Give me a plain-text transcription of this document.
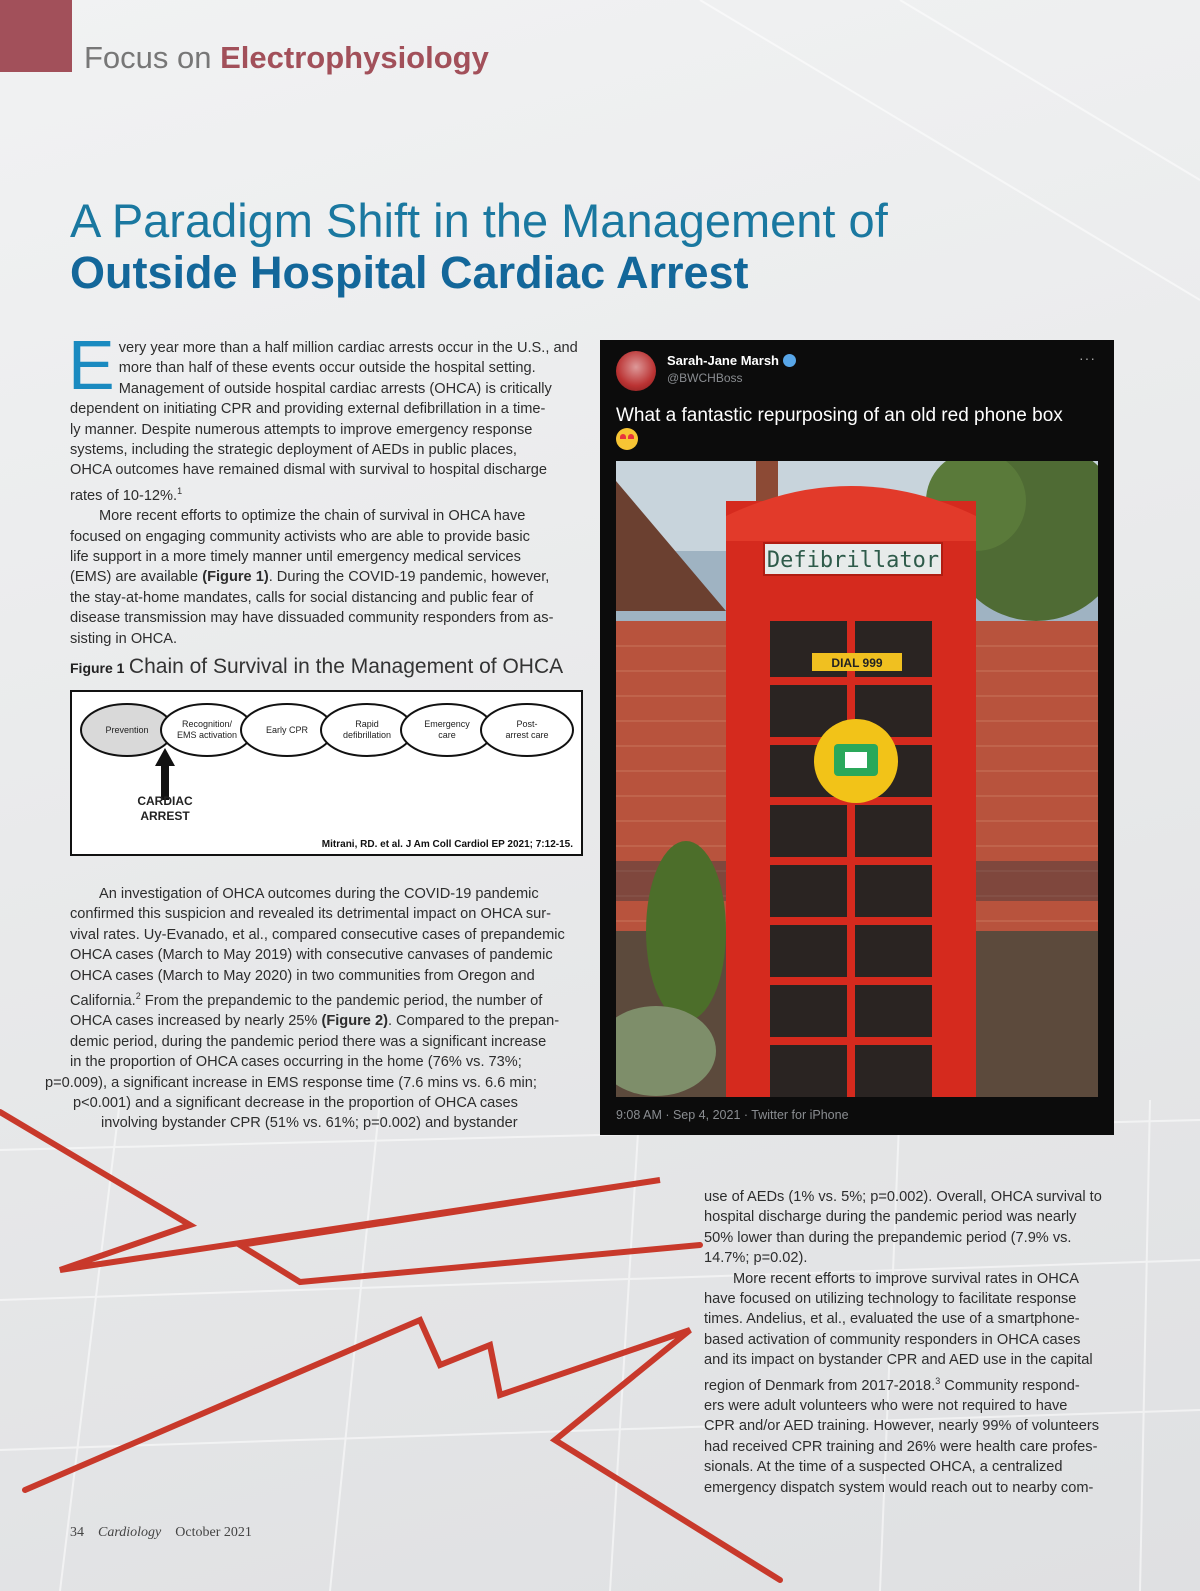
Focus on Electrophysiology
A Paradigm Shift in the Management of
Outside Hospital Cardiac Arrest

E very year more than a half million cardiac arrests occur in the U.S., and
more than half of these events occur outside the hospital setting.
Management of outside hospital cardiac arrests (OHCA) is critically
dependent on initiating CPR and providing external defibrillation in a time-
ly manner. Despite numerous attempts to improve emergency response
systems, including the strategic deployment of AEDs in public places,
OHCA outcomes have remained dismal with survival to hospital discharge
rates of 10-12%.$^1$

More recent efforts to optimize the chain of survival in OHCA have
focused on engaging community activists who are able to provide basic
life support in a more timely manner until emergency medical services
(EMS) are available (Figure 1). During the COVID-19 pandemic, however,
the stay-at-home mandates, calls for social distancing and public fear of
disease transmission may have dissuaded community responders from as-
sisting in OHCA.

Figure 1 Chain of Survival in the Management of OHCA
Prevention
Recognition/
EMS activation	Early CPR
Rapid
defibrillation
Emergency
care
Post-
arrest care
CARDIAC
ARREST
Mitrani, RD. et al. J Am Coll Cardiol EP 2021; 7:12-15.

An investigation of OHCA outcomes during the COVID-19 pandemic
confirmed this suspicion and revealed its detrimental impact on OHCA sur-
vival rates. Uy-Evanado, et al., compared consecutive cases of prepandemic
OHCA cases (March to May 2019) with consecutive canvases of pandemic
OHCA cases (March to May 2020) in two communities from Oregon and
California.$^2$ From the prepandemic to the pandemic period, the number of
OHCA cases increased by nearly 25% (Figure 2). Compared to the prepan-
demic period, during the pandemic period there was a significant increase
in the proportion of OHCA cases occurring in the home (76% vs. 73%;
p=0.009), a significant increase in EMS response time (7.6 mins vs. 6.6 min;
p<0.001) and a significant decrease in the proportion of OHCA cases
involving bystander CPR (51% vs. 61%; p=0.002) and bystander

Sarah-Jane Marsh
@BWCHBoss
···
What a fantastic repurposing of an old red phone box

Defibrillator
DIAL 999
9:08 AM · Sep 4, 2021 · Twitter for iPhone

use of AEDs (1% vs. 5%; p=0.002). Overall, OHCA survival to
hospital discharge during the pandemic period was nearly
50% lower than during the prepandemic period (7.9% vs.
14.7%; p=0.02).

More recent efforts to improve survival rates in OHCA
have focused on utilizing technology to facilitate response
times. Andelius, et al., evaluated the use of a smartphone-
based activation of community responders in OHCA cases
and its impact on bystander CPR and AED use in the capital
region of Denmark from 2017-2018.$^3$ Community respond-
ers were adult volunteers who were not required to have
CPR and/or AED training. However, nearly 99% of volunteers
had received CPR training and 26% were health care profes-
sionals. At the time of a suspected OHCA, a centralized
emergency dispatch system would reach out to nearby com-

34 Cardiology October 2021
